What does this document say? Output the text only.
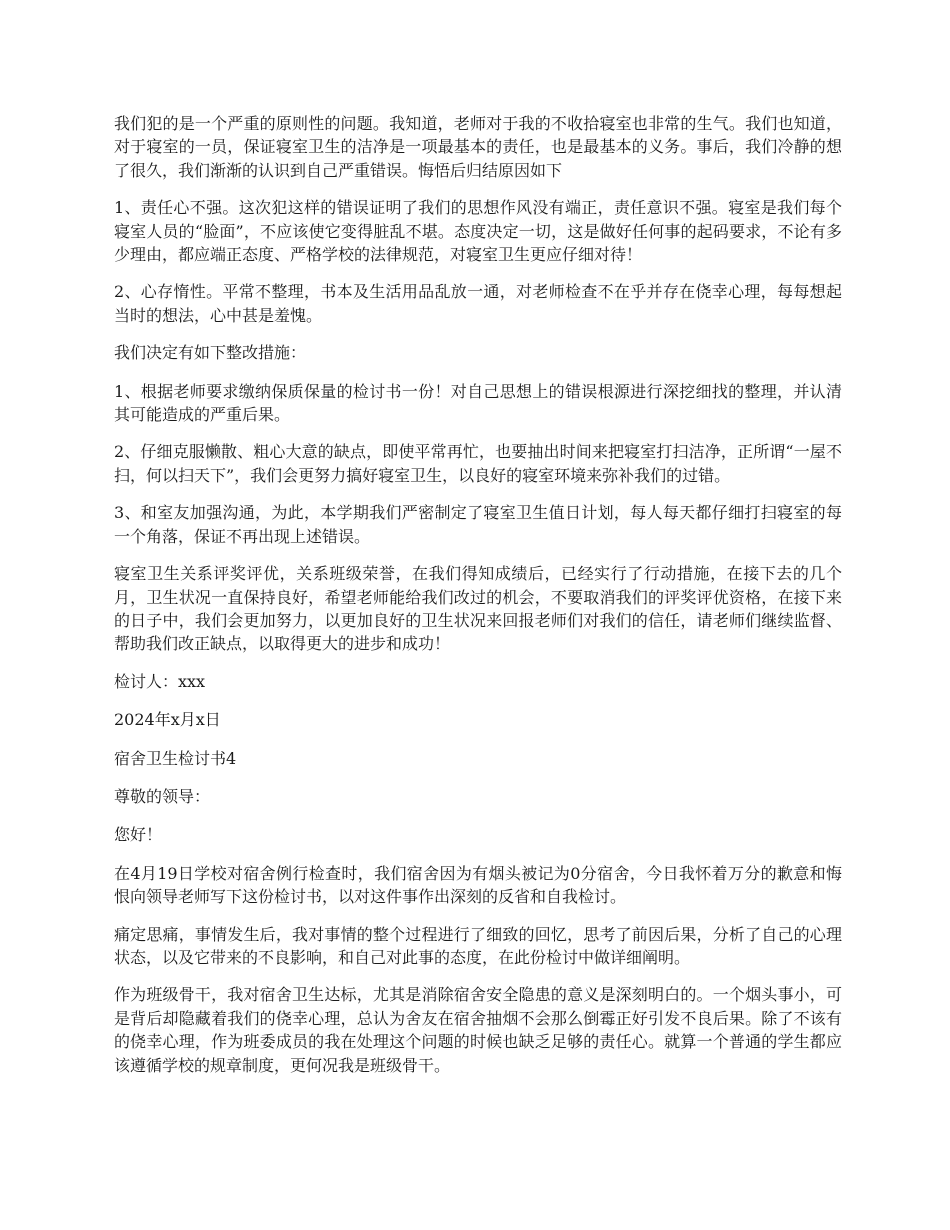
我们犯的是一个严重的原则性的问题。我知道，老师对于我的不收拾寝室也非常的生气。我们也知道，对于寝室的一员，保证寝室卫生的洁净是一项最基本的责任，也是最基本的义务。事后，我们冷静的想了很久，我们渐渐的认识到自己严重错误。悔悟后归结原因如下

1、责任心不强。这次犯这样的错误证明了我们的思想作风没有端正，责任意识不强。寝室是我们每个寝室人员的“脸面”，不应该使它变得脏乱不堪。态度决定一切，这是做好任何事的起码要求，不论有多少理由，都应端正态度、严格学校的法律规范，对寝室卫生更应仔细对待！

2、心存惰性。平常不整理，书本及生活用品乱放一通，对老师检查不在乎并存在侥幸心理，每每想起当时的想法，心中甚是羞愧。

我们决定有如下整改措施：

1、根据老师要求缴纳保质保量的检讨书一份！对自己思想上的错误根源进行深挖细找的整理，并认清其可能造成的严重后果。

2、仔细克服懒散、粗心大意的缺点，即使平常再忙，也要抽出时间来把寝室打扫洁净，正所谓“一屋不扫，何以扫天下”，我们会更努力搞好寝室卫生，以良好的寝室环境来弥补我们的过错。

3、和室友加强沟通，为此，本学期我们严密制定了寝室卫生值日计划，每人每天都仔细打扫寝室的每一个角落，保证不再出现上述错误。

寝室卫生关系评奖评优，关系班级荣誉，在我们得知成绩后，已经实行了行动措施，在接下去的几个月，卫生状况一直保持良好，希望老师能给我们改过的机会，不要取消我们的评奖评优资格，在接下来的日子中，我们会更加努力，以更加良好的卫生状况来回报老师们对我们的信任，请老师们继续监督、帮助我们改正缺点，以取得更大的进步和成功！

检讨人：xxx

2024年x月x日

宿舍卫生检讨书4

尊敬的领导：

您好！

在4月19日学校对宿舍例行检查时，我们宿舍因为有烟头被记为0分宿舍，今日我怀着万分的歉意和悔恨向领导老师写下这份检讨书，以对这件事作出深刻的反省和自我检讨。

痛定思痛，事情发生后，我对事情的整个过程进行了细致的回忆，思考了前因后果，分析了自己的心理状态，以及它带来的不良影响，和自己对此事的态度，在此份检讨中做详细阐明。

作为班级骨干，我对宿舍卫生达标，尤其是消除宿舍安全隐患的意义是深刻明白的。一个烟头事小，可是背后却隐藏着我们的侥幸心理，总认为舍友在宿舍抽烟不会那么倒霉正好引发不良后果。除了不该有的侥幸心理，作为班委成员的我在处理这个问题的时候也缺乏足够的责任心。就算一个普通的学生都应该遵循学校的规章制度，更何况我是班级骨干。
